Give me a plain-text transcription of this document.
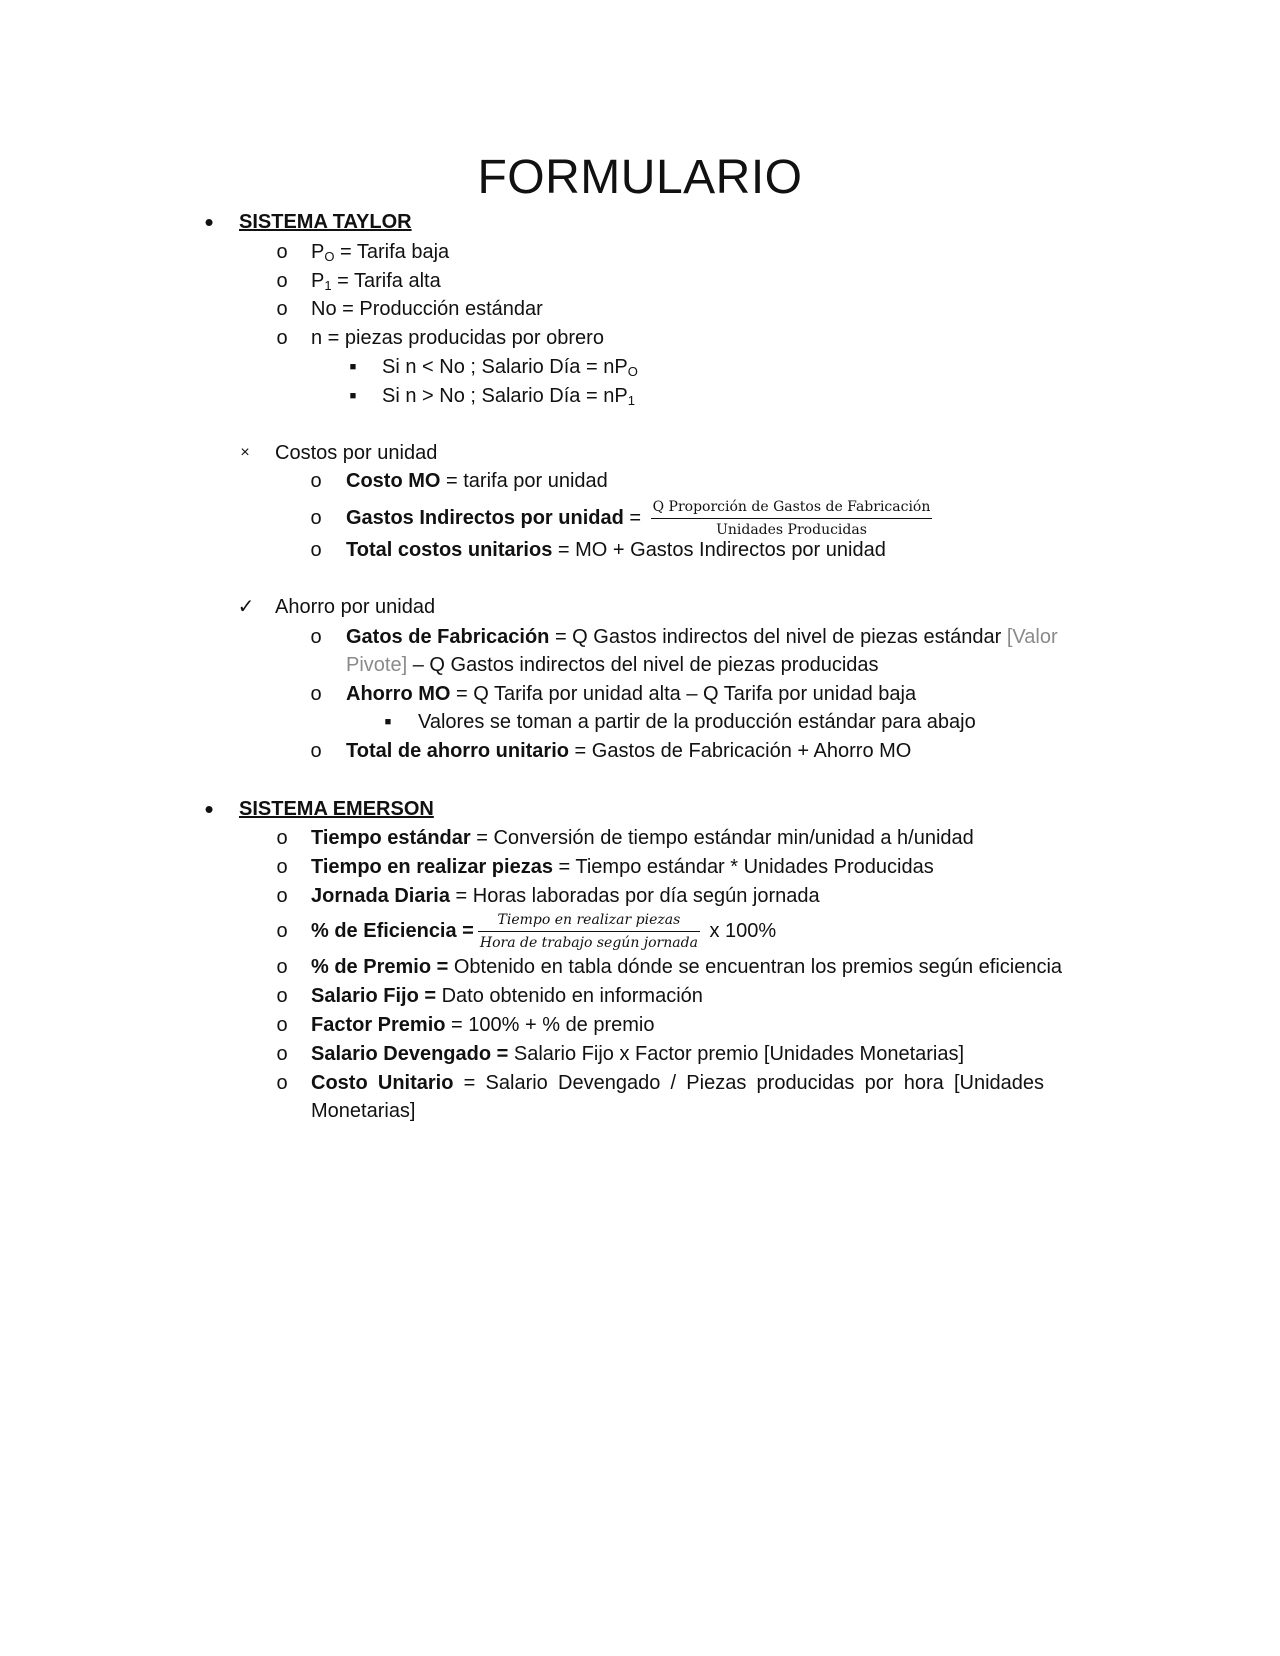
FORMULARIO
•	SISTEMA TAYLOR
o	$P_O$ = Tarifa baja
o	$P_1$ = Tarifa alta
o	No = Producción estándar
o	n = piezas producidas por obrero
■	Si n < No ; Salario Día = $nP_O$
■	Si n > No ; Salario Día = $nP_1$
×	Costos por unidad
o	Costo MO = tarifa por unidad
o	Gastos Indirectos por unidad = $\frac{\text{Q Proporción de Gastos de Fabricación}}{\text{Unidades Producidas}}$
o	Total costos unitarios = MO + Gastos Indirectos por unidad
✓ Ahorro por unidad
o	Gatos de Fabricación = Q Gastos indirectos del nivel de piezas estándar [Valor
Pivote] – Q Gastos indirectos del nivel de piezas producidas
o	Ahorro MO = Q Tarifa por unidad alta – Q Tarifa por unidad baja
■	Valores se toman a partir de la producción estándar para abajo
o	Total de ahorro unitario = Gastos de Fabricación + Ahorro MO
•	SISTEMA EMERSON
o	Tiempo estándar = Conversión de tiempo estándar min/unidad a h/unidad
o	Tiempo en realizar piezas = Tiempo estándar * Unidades Producidas
o	Jornada Diaria = Horas laboradas por día según jornada
o	% de Eficiencia = $\frac{\text{Tiempo en realizar piezas}}{\text{Hora de trabajo según jornada}}$ x 100%
o	% de Premio = Obtenido en tabla dónde se encuentran los premios según eficiencia
o	Salario Fijo = Dato obtenido en información
o	Factor Premio = 100% + % de premio
o	Salario Devengado = Salario Fijo x Factor premio [Unidades Monetarias]
o	Costo Unitario = Salario Devengado / Piezas producidas por hora [Unidades
Monetarias]
